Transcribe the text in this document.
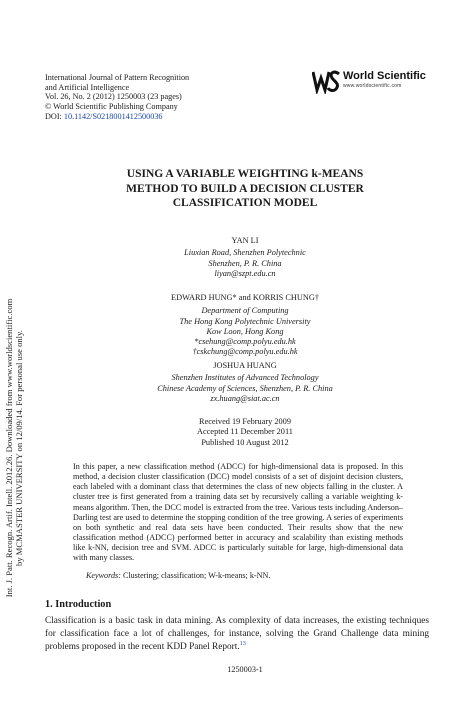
Int. J. Patt. Recogn. Artif. Intell. 2012.26. Downloaded from www.worldscientific.com by MCMASTER UNIVERSITY on 12/09/14. For personal use only.
International Journal of Pattern Recognition
and Artificial Intelligence
Vol. 26, No. 2 (2012) 1250003 (23 pages)
© World Scientific Publishing Company
DOI: 10.1142/S0218001412500036
World Scientific
www.worldscientific.com
USING A VARIABLE WEIGHTING k-MEANS
METHOD TO BUILD A DECISION CLUSTER
CLASSIFICATION MODEL
YAN LI
Liuxian Road, Shenzhen Polytechnic
Shenzhen, P. R. China
liyan@szpt.edu.cn
EDWARD HUNG* and KORRIS CHUNG†
Department of Computing
The Hong Kong Polytechnic University
Kow Loon, Hong Kong
*csehung@comp.polyu.edu.hk
†cskchung@comp.polyu.edu.hk
JOSHUA HUANG
Shenzhen Institutes of Advanced Technology
Chinese Academy of Sciences, Shenzhen, P. R. China
zx.huang@siat.ac.cn
Received 19 February 2009
Accepted 11 December 2011
Published 10 August 2012
In this paper, a new classification method (ADCC) for high-dimensional data is proposed. In this method, a decision cluster classification (DCC) model consists of a set of disjoint decision clusters, each labeled with a dominant class that determines the class of new objects falling in the cluster. A cluster tree is first generated from a training data set by recursively calling a variable weighting k-means algorithm. Then, the DCC model is extracted from the tree. Various tests including Anderson–Darling test are used to determine the stopping condition of the tree growing. A series of experiments on both synthetic and real data sets have been conducted. Their results show that the new classification method (ADCC) performed better in accuracy and scalability than existing methods like k-NN, decision tree and SVM. ADCC is particularly suitable for large, high-dimensional data with many classes.
Keywords: Clustering; classification; W-k-means; k-NN.
1. Introduction
Classification is a basic task in data mining. As complexity of data increases, the existing techniques for classification face a lot of challenges, for instance, solving the Grand Challenge data mining problems proposed in the recent KDD Panel Report.$^{13}$
1250003-1
